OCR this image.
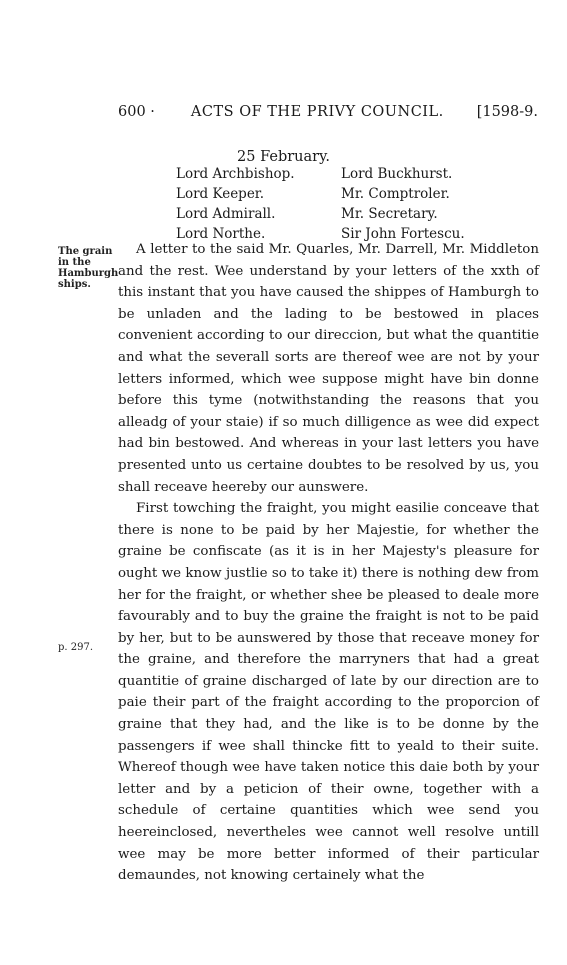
600 · ACTS OF THE PRIVY COUNCIL. [1598-9.
25 February.
Lord Archbishop.	Lord Buckhurst.
Lord Keeper.	Mr. Comptroler.
Lord Admirall.	Mr. Secretary.
Lord Northe.	Sir John Fortescu.
The grain in the Hamburgh ships.
p. 297.

A letter to the said Mr. Quarles, Mr. Darrell, Mr. Middleton and the rest. Wee understand by your letters of the xxth of this instant that you have caused the shippes of Hamburgh to be unladen and the lading to be bestowed in places convenient according to our direccion, but what the quantitie and what the severall sorts are thereof wee are not by your letters informed, which wee suppose might have bin donne before this tyme (notwithstanding the reasons that you alleadg of your staie) if so much dilligence as wee did expect had bin bestowed. And whereas in your last letters you have presented unto us certaine doubtes to be resolved by us, you shall receave heereby our aunswere.

First towching the fraight, you might easilie conceave that there is none to be paid by her Majestie, for whether the graine be confiscate (as it is in her Majesty's pleasure for ought we know justlie so to take it) there is nothing dew from her for the fraight, or whether shee be pleased to deale more favourably and to buy the graine the fraight is not to be paid by her, but to be aunswered by those that receave money for the graine, and therefore the marryners that had a great quantitie of graine discharged of late by our direction are to paie their part of the fraight according to the proporcion of graine that they had, and the like is to be donne by the passengers if wee shall thincke fitt to yeald to their suite. Whereof though wee have taken notice this daie both by your letter and by a peticion of their owne, together with a schedule of certaine quantities which wee send you heereinclosed, nevertheles wee cannot well resolve untill wee may be more better informed of their particular demaundes, not knowing certainely what the
